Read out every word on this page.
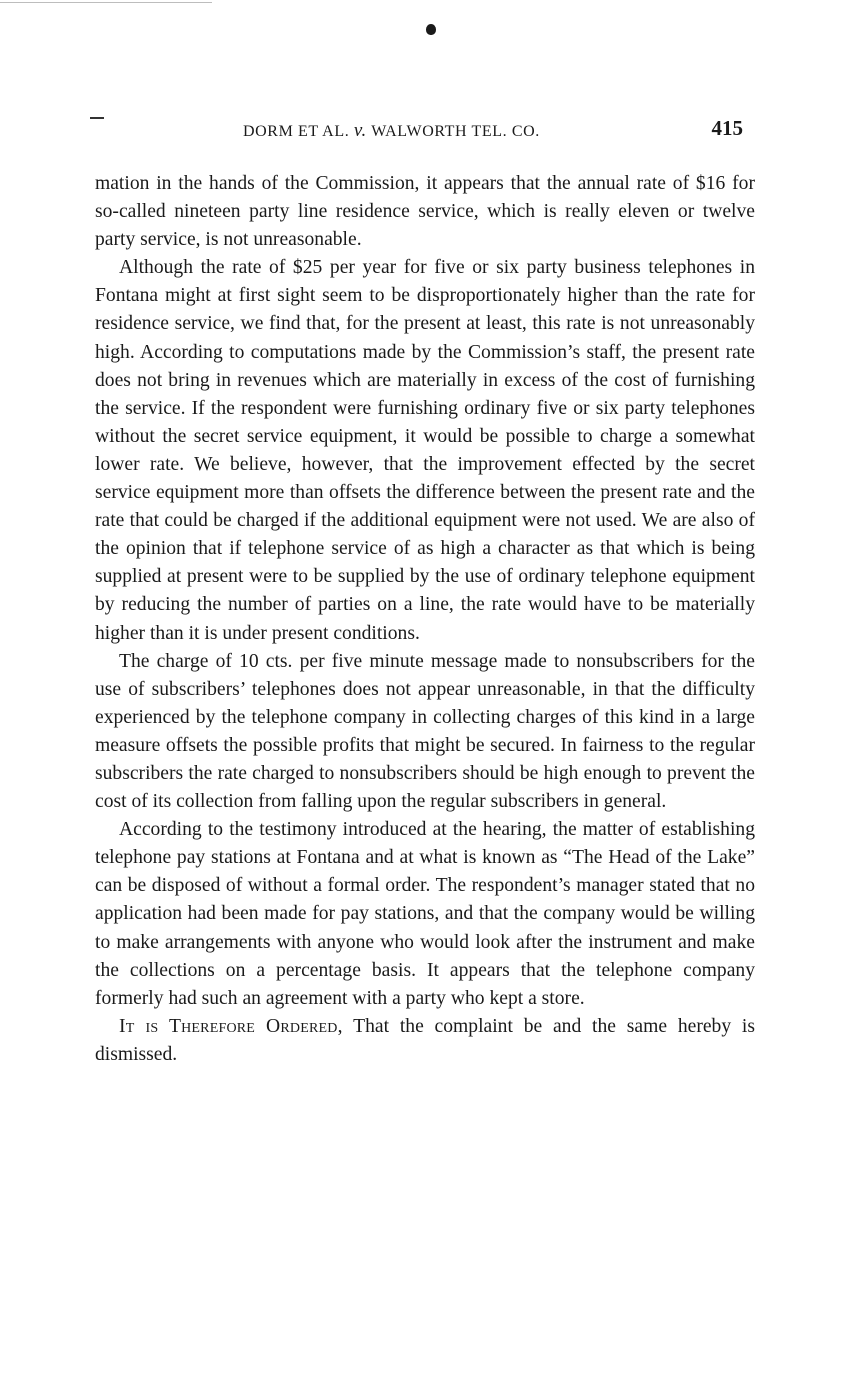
DORM ET AL. v. WALWORTH TEL. CO.	415

mation in the hands of the Commission, it appears that the annual rate of $16 for so-called nineteen party line residence service, which is really eleven or twelve party service, is not unreasonable.

Although the rate of $25 per year for five or six party business telephones in Fontana might at first sight seem to be disproportionately higher than the rate for residence service, we find that, for the present at least, this rate is not unreasonably high. According to computations made by the Commission’s staff, the present rate does not bring in revenues which are materially in excess of the cost of furnishing the service. If the respondent were furnishing ordinary five or six party telephones without the secret service equipment, it would be possible to charge a somewhat lower rate. We believe, however, that the improvement effected by the secret service equipment more than offsets the difference between the present rate and the rate that could be charged if the additional equipment were not used. We are also of the opinion that if telephone service of as high a character as that which is being supplied at present were to be supplied by the use of ordinary telephone equipment by reducing the number of parties on a line, the rate would have to be materially higher than it is under present conditions.

The charge of 10 cts. per five minute message made to nonsubscribers for the use of subscribers’ telephones does not appear unreasonable, in that the difficulty experienced by the telephone company in collecting charges of this kind in a large measure offsets the possible profits that might be secured. In fairness to the regular subscribers the rate charged to nonsubscribers should be high enough to prevent the cost of its collection from falling upon the regular subscribers in general.

According to the testimony introduced at the hearing, the matter of establishing telephone pay stations at Fontana and at what is known as “The Head of the Lake” can be disposed of without a formal order. The respondent’s manager stated that no application had been made for pay stations, and that the company would be willing to make arrangements with anyone who would look after the instrument and make the collections on a percentage basis. It appears that the telephone company formerly had such an agreement with a party who kept a store.

It is Therefore Ordered, That the complaint be and the same hereby is dismissed.
